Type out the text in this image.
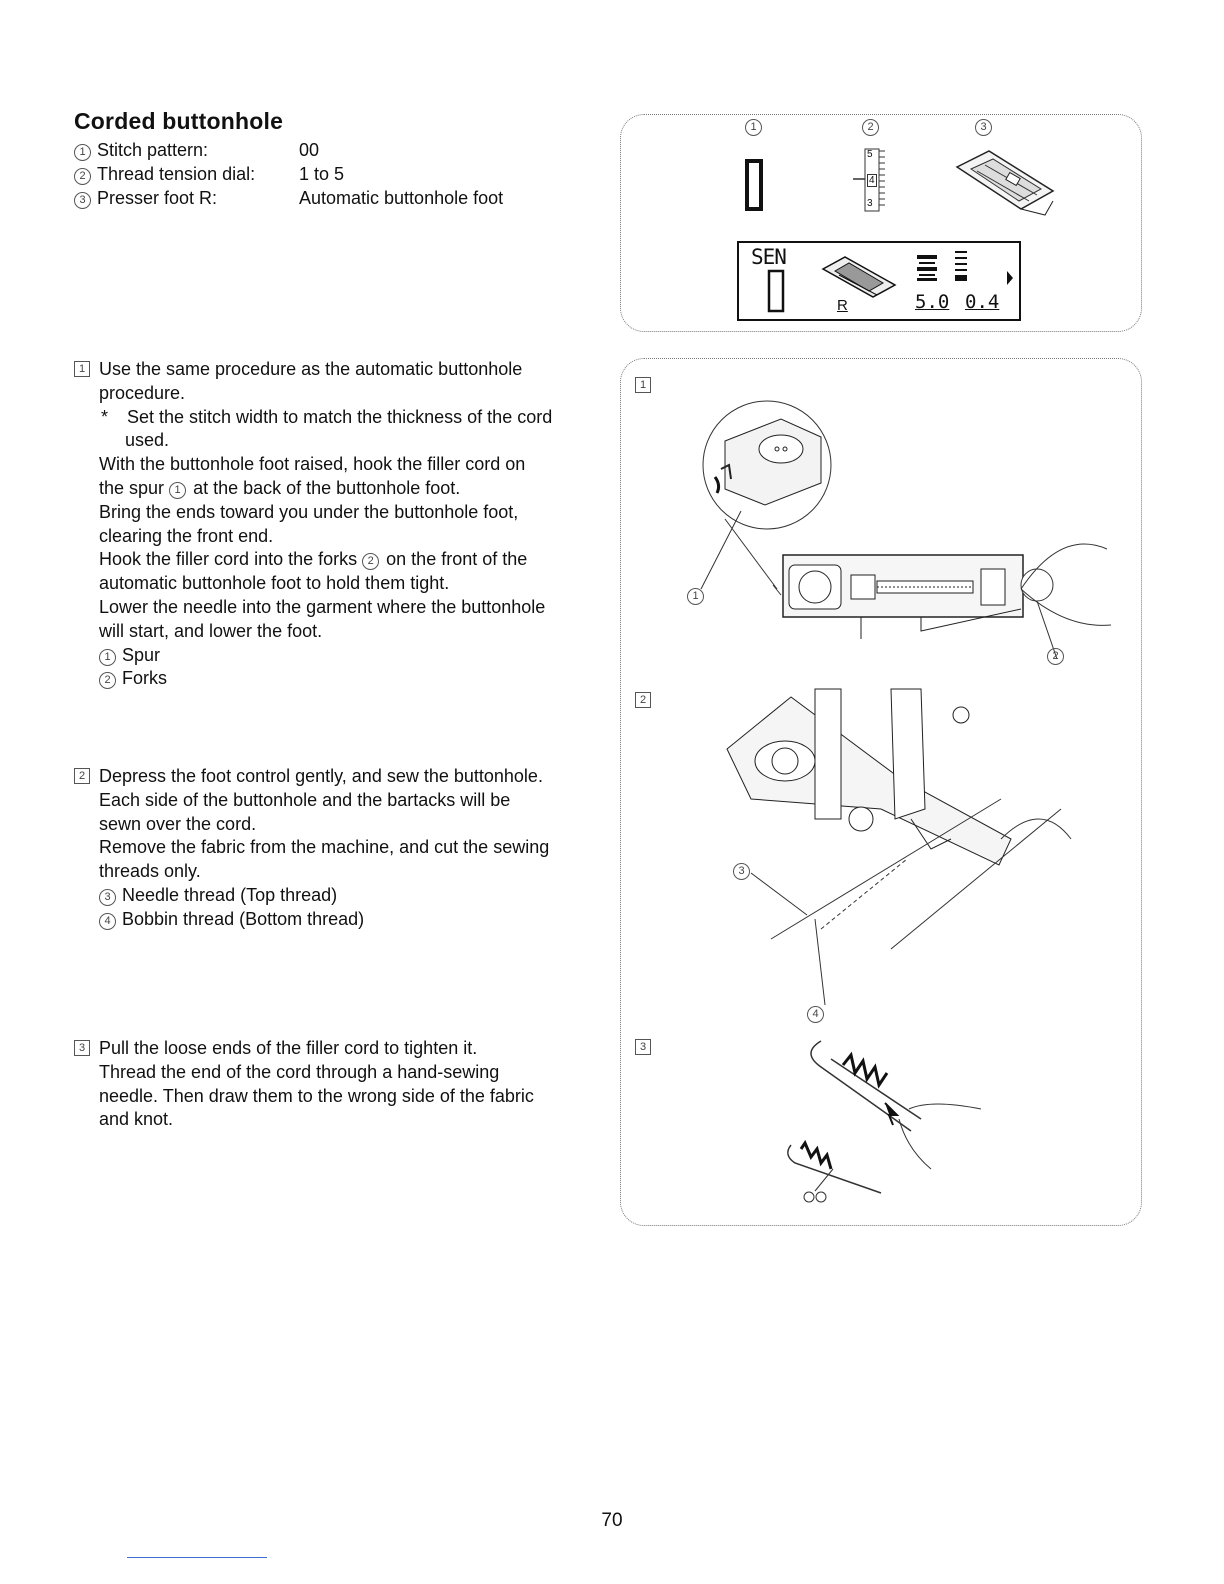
Corded buttonhole
1 Stitch pattern:	00
2 Thread tension dial: 1 to 5
3 Presser foot R:	Automatic buttonhole foot
1 Use the same procedure as the automatic buttonhole

procedure.

* Set the stitch width to match the thickness of the cord
used.

With the buttonhole foot raised, hook the filler cord on

the spur 1 at the back of the buttonhole foot.

Bring the ends toward you under the buttonhole foot,

clearing the front end.

Hook the filler cord into the forks 2 on the front of the

automatic buttonhole foot to hold them tight.

Lower the needle into the garment where the buttonhole

will start, and lower the foot.

1 Spur

2 Forks

2 Depress the foot control gently, and sew the buttonhole.

Each side of the buttonhole and the bartacks will be

sewn over the cord.

Remove the fabric from the machine, and cut the sewing

threads only.

3 Needle thread (Top thread)

4 Bobbin thread (Bottom thread)

3 Pull the loose ends of the filler cord to tighten it.

Thread the end of the cord through a hand-sewing

needle. Then draw them to the wrong side of the fabric

and knot.

1	2	3
5
4
3
SEN
R	5.0 0.4
1
2
3
1
2
3
4
70
